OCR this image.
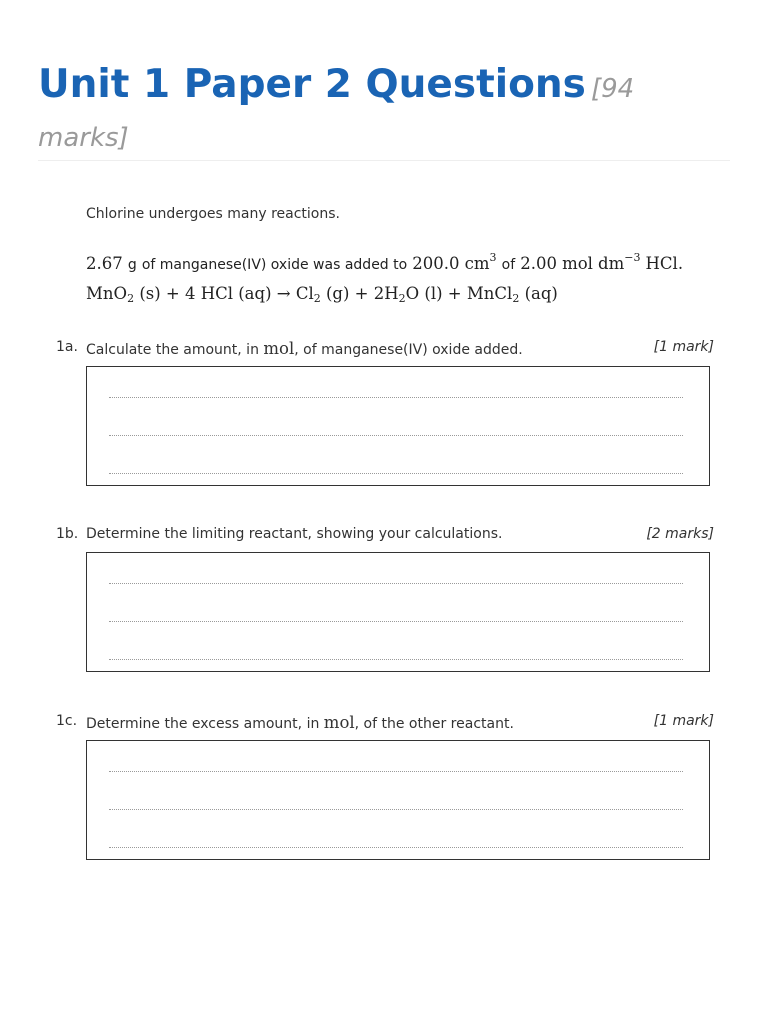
Unit 1 Paper 2 Questions [94 marks]
Chlorine undergoes many reactions.
2.67 g of manganese(IV) oxide was added to 200.0 $cm^3$ of 2.00 mol $dm^{-3}$ HCl.
MnO$_2$ (s) + 4 HCl $(aq) \to Cl_2$ $(g) + 2H_2O$ (l) + MnCl$_2$ (aq)
1a. Calculate the amount, in mol, of manganese(IV) oxide added.	[1 mark]
1b. Determine the limiting reactant, showing your calculations.	[2 marks]
1c. Determine the excess amount, in mol, of the other reactant.	[1 mark]
